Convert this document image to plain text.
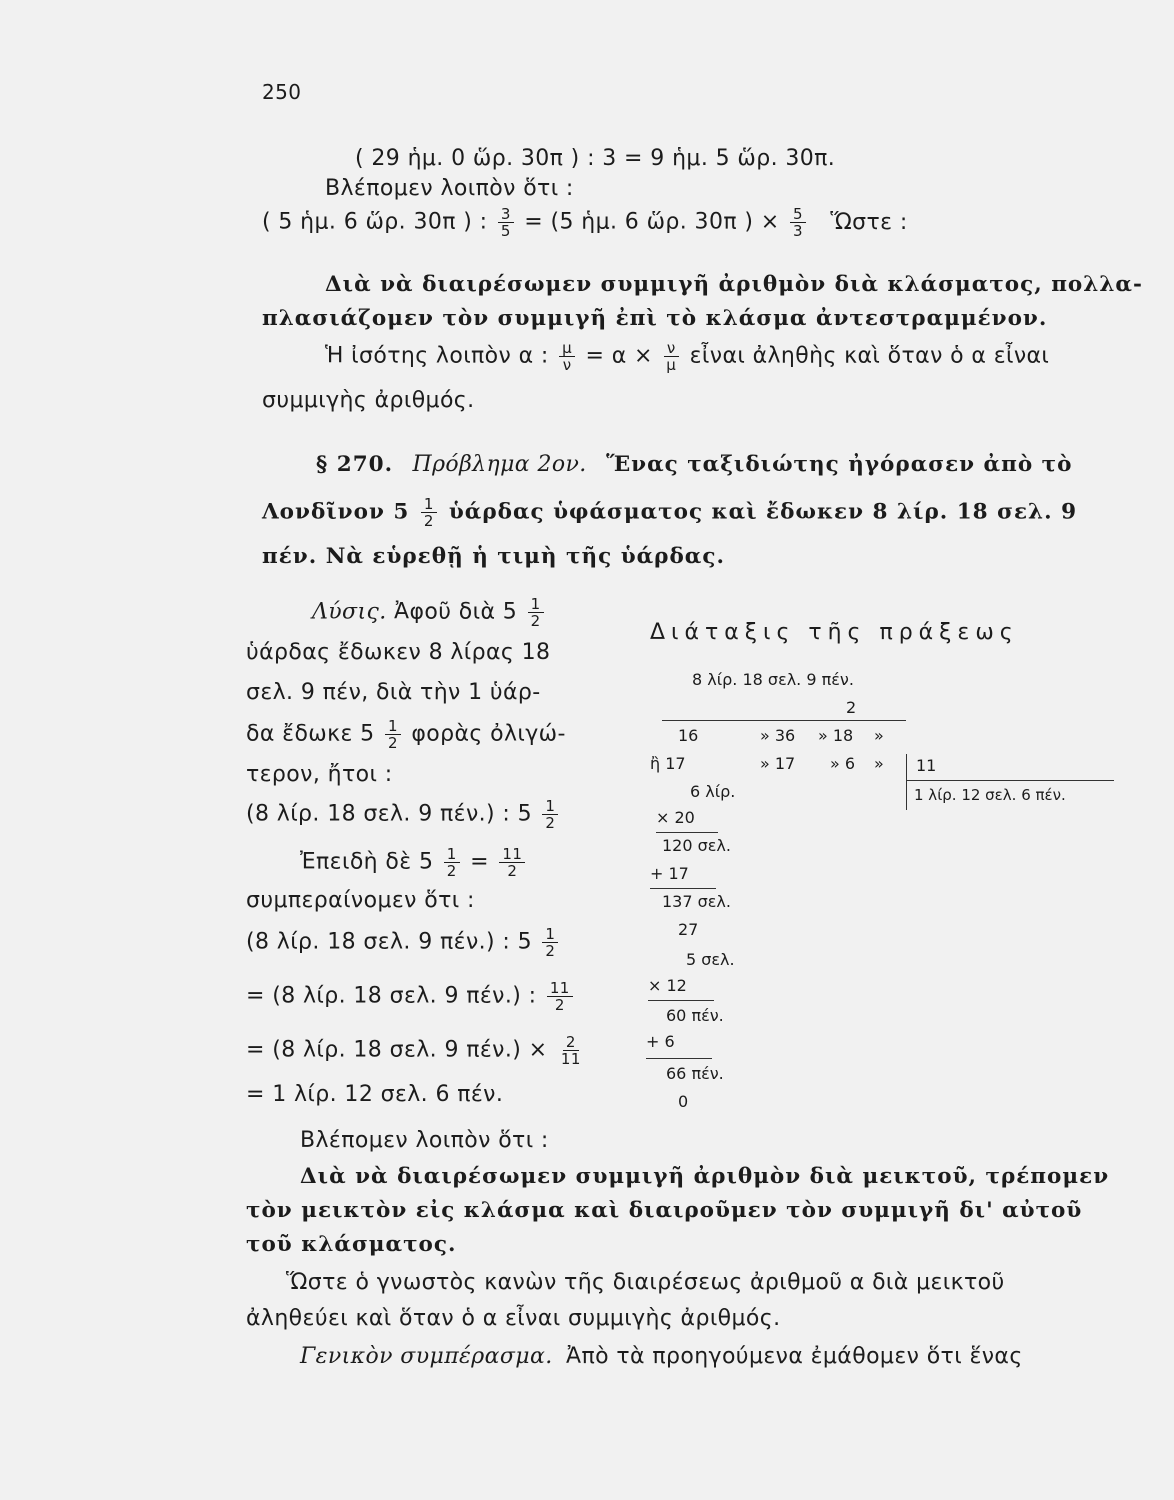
250
( 29 ἡμ. 0 ὥρ. 30π ) : 3 = 9 ἡμ. 5 ὥρ. 30π.
Βλέπομεν λοιπὸν ὅτι :
( 5 ἡμ. 6 ὥρ. 30π ) : $\frac{3}{5} = (5$ ἡμ. 6 ὥρ. 30π ) × $\frac{5}{3}$ Ὥστε :
Διὰ νὰ διαιρέσωμεν συμμιγῆ ἀριθμὸν διὰ κλάσματος, πολλα-
πλασιάζομεν τὸν συμμιγῆ ἐπὶ τὸ κλάσμα ἀντεστραμμένον.
Ἡ ἰσότης λοιπὸν α : $\frac{\mu}{\nu} = \alpha \times \frac{\nu}{\mu}$ εἶναι ἀληθὴς καὶ ὅταν ὁ α εἶναι
συμμιγὴς ἀριθμός.
§ 270. Πρόβλημα 2ον. Ἕνας ταξιδιώτης ἠγόρασεν ἀπὸ τὸ
Λονδῖνον $5 \frac{1}{2}$ ὑάρδας ὑφάσματος καὶ ἔδωκεν 8 λίρ. 18 σελ. 9
πέν. Νὰ εὑρεθῇ ἡ τιμὴ τῆς ὑάρδας.
Λύσις. Ἀφοῦ διὰ $5 \frac{1}{2}$
ὑάρδας ἔδωκεν 8 λίρας 18
σελ. 9 πέν, διὰ τὴν 1 ὑάρ-
δα ἔδωκε $5 \frac{1}{2}$ φορὰς ὀλιγώ-
τερον, ἤτοι :
(8 λίρ. 18 σελ. 9 πέν.) : $5 \frac{1}{2}$
Ἐπειδὴ δὲ $5 \frac{1}{2} = \frac{11}{2}$
συμπεραίνομεν ὅτι :
(8 λίρ. 18 σελ. 9 πέν.) : $5 \frac{1}{2}$
= (8 λίρ. 18 σελ. 9 πέν.) : $\frac{11}{2}$
= (8 λίρ. 18 σελ. 9 $\pi έ\nu.) \times \frac{2}{11}$
= 1 λίρ. 12 σελ. 6 πέν.
Διάταξις τῆς πράξεως
8 λίρ. 18 σελ. 9 πέν.
2
16	» 36 » 18 »
ἢ 17	» 17 » 6 » 11
1 λίρ. 12 σελ. 6 πέν.
6 λίρ.
× 20
120 σελ.
+ 17
137 σελ.
27
5 σελ.
× 12
60 πέν.
+ 6
66 πέν.
0
Βλέπομεν λοιπὸν ὅτι :
Διὰ νὰ διαιρέσωμεν συμμιγῆ ἀριθμὸν διὰ μεικτοῦ, τρέπομεν
τὸν μεικτὸν εἰς κλάσμα καὶ διαιροῦμεν τὸν συμμιγῆ δι' αὐτοῦ
τοῦ κλάσματος.
Ὥστε ὁ γνωστὸς κανὼν τῆς διαιρέσεως ἀριθμοῦ α διὰ μεικτοῦ
ἀληθεύει καὶ ὅταν ὁ α εἶναι συμμιγὴς ἀριθμός.
Γενικὸν συμπέρασμα. Ἀπὸ τὰ προηγούμενα ἐμάθομεν ὅτι ἕνας
